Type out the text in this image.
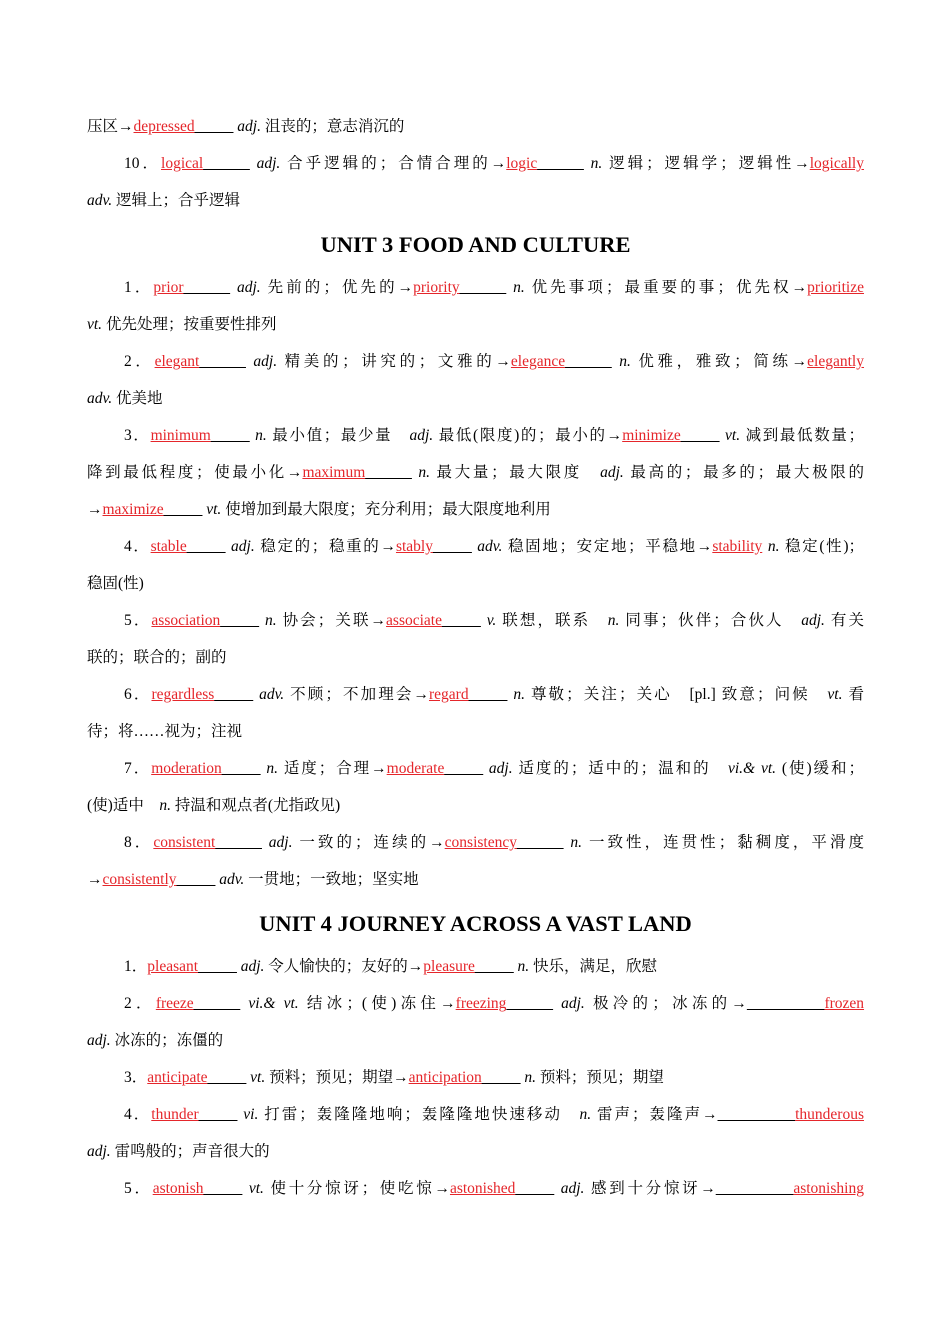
压区→depressed_____ adj. 沮丧的；意志消沉的
10．logical______ adj. 合乎逻辑的；合情合理的→logic______ n. 逻辑；逻辑学；逻辑性→logically
adv. 逻辑上；合乎逻辑
UNIT 3 FOOD AND CULTURE
1．prior______ adj. 先前的；优先的→priority______ n. 优先事项；最重要的事；优先权→prioritize
vt. 优先处理；按重要性排列
2．elegant______ adj. 精美的；讲究的；文雅的→elegance______ n. 优雅，雅致；简练→elegantly
adv. 优美地
3．minimum_____ n. 最小值；最少量　adj. 最低(限度)的；最小的→minimize_____ vt. 减到最低数量；
降到最低程度；使最小化→maximum______ n. 最大量；最大限度　adj. 最高的；最多的；最大极限的
→maximize_____ vt. 使增加到最大限度；充分利用；最大限度地利用
4．stable_____ adj. 稳定的；稳重的→stably_____ adv. 稳固地；安定地；平稳地→stability n. 稳定(性)；
稳固(性)
5．association_____ n. 协会；关联→associate_____ v. 联想，联系　n. 同事；伙伴；合伙人　adj. 有关
联的；联合的；副的
6．regardless_____ adv. 不顾；不加理会→regard_____ n. 尊敬；关注；关心　[pl.] 致意；问候　vt. 看
待；将……视为；注视
7．moderation_____ n. 适度；合理→moderate_____ adj. 适度的；适中的；温和的　vi.& vt. (使)缓和；
(使)适中　n. 持温和观点者(尤指政见)
8．consistent______ adj. 一致的；连续的→consistency______ n. 一致性，连贯性；黏稠度，平滑度
→consistently_____ adv. 一贯地；一致地；坚实地
UNIT 4 JOURNEY ACROSS A VAST LAND
1．pleasant_____ adj. 令人愉快的；友好的→pleasure_____ n. 快乐，满足，欣慰
2．freeze______ vi.& vt. 结冰；(使)冻住→freezing______ adj. 极冷的；冰冻的→__________frozen
adj. 冰冻的；冻僵的
3．anticipate_____ vt. 预料；预见；期望→anticipation_____ n. 预料；预见；期望
4．thunder_____ vi. 打雷；轰隆隆地响；轰隆隆地快速移动　n. 雷声；轰隆声→__________thunderous
adj. 雷鸣般的；声音很大的
5．astonish_____ vt. 使十分惊讶；使吃惊→astonished_____ adj. 感到十分惊讶→__________astonishing
